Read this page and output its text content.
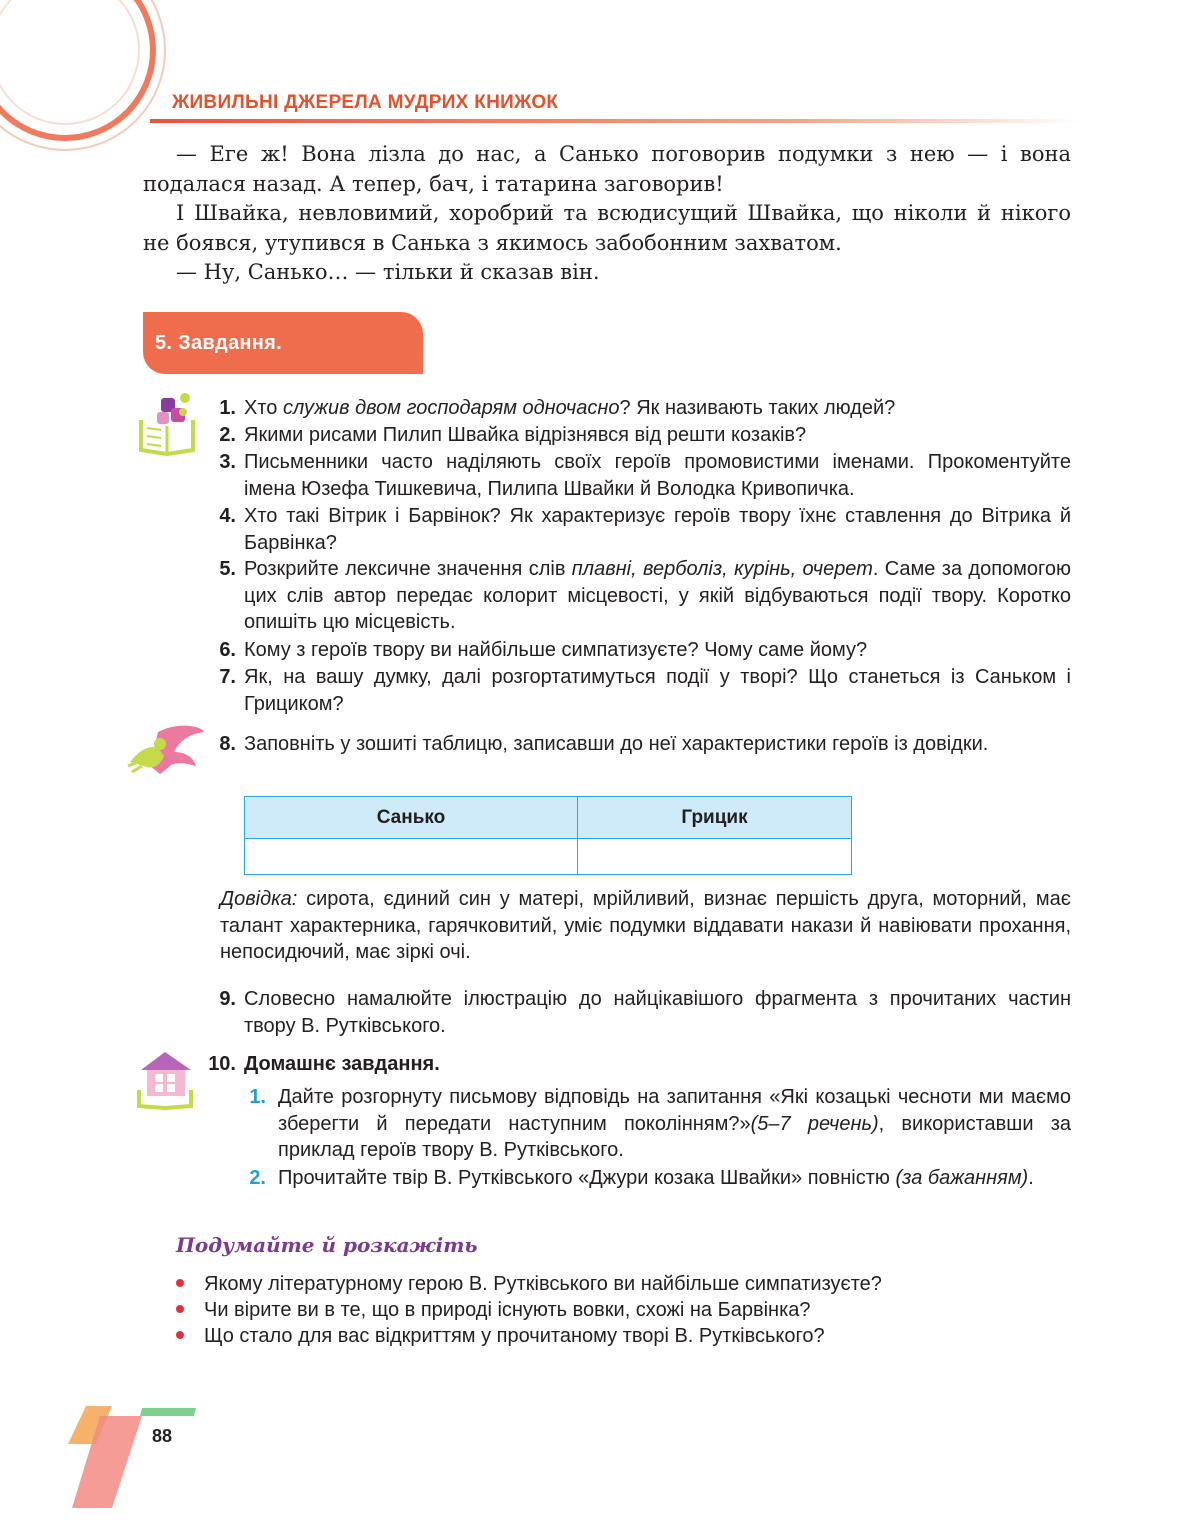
ЖИВИЛЬНІ ДЖЕРЕЛА МУДРИХ КНИЖОК

— Еге ж! Вона лізла до нас, а Санько поговорив подумки з нею — і вона подалася назад. А тепер, бач, і татарина заговорив!

І Швайка, невловимий, хоробрий та всюдисущий Швайка, що ніколи й нікого не боявся, утупився в Санька з якимось забобонним захватом.

— Ну, Санько… — тільки й сказав він.

5. Завдання.
1. Хто служив двом господарям одночасно? Як називають таких людей?
2. Якими рисами Пилип Швайка відрізнявся від решти козаків?
3. Письменники часто наділяють своїх героїв промовистими іменами. Прокоментуйте імена Юзефа Тишкевича, Пилипа Швайки й Володка Кривопичка.
4. Хто такі Вітрик і Барвінок? Як характеризує героїв твору їхнє ставлення до Вітрика й Барвінка?
5. Розкрийте лексичне значення слів плавні, верболіз, курінь, очерет. Саме за допомогою цих слів автор передає колорит місцевості, у якій відбуваються події твору. Коротко опишіть цю місцевість.
6. Кому з героїв твору ви найбільше симпатизуєте? Чому саме йому?
7. Як, на вашу думку, далі розгортатимуться події у творі? Що станеться із Саньком і Грициком?
8. Заповніть у зошиті таблицю, записавши до неї характеристики героїв із довідки.
Санько	Грицик

Довідка: сирота, єдиний син у матері, мрійливий, визнає першість друга, моторний, має талант характерника, гарячковитий, уміє подумки віддавати накази й навіювати прохання, непосидючий, має зіркі очі.
9. Словесно намалюйте ілюстрацію до найцікавішого фрагмента з прочитаних частин твору В. Рутківського.
10. Домашнє завдання.
1. Дайте розгорнуту письмову відповідь на запитання «Які козацькі чесноти ми маємо зберегти й передати наступним поколінням?»(5–7 речень), використавши за приклад героїв твору В. Рутківського.
2. Прочитайте твір В. Рутківського «Джури козака Швайки» повністю (за бажанням).
Подумайте й розкажіть
Якому літературному герою В. Рутківського ви найбільше симпатизуєте?
Чи вірите ви в те, що в природі існують вовки, схожі на Барвінка?
Що стало для вас відкриттям у прочитаному творі В. Рутківського?
88
